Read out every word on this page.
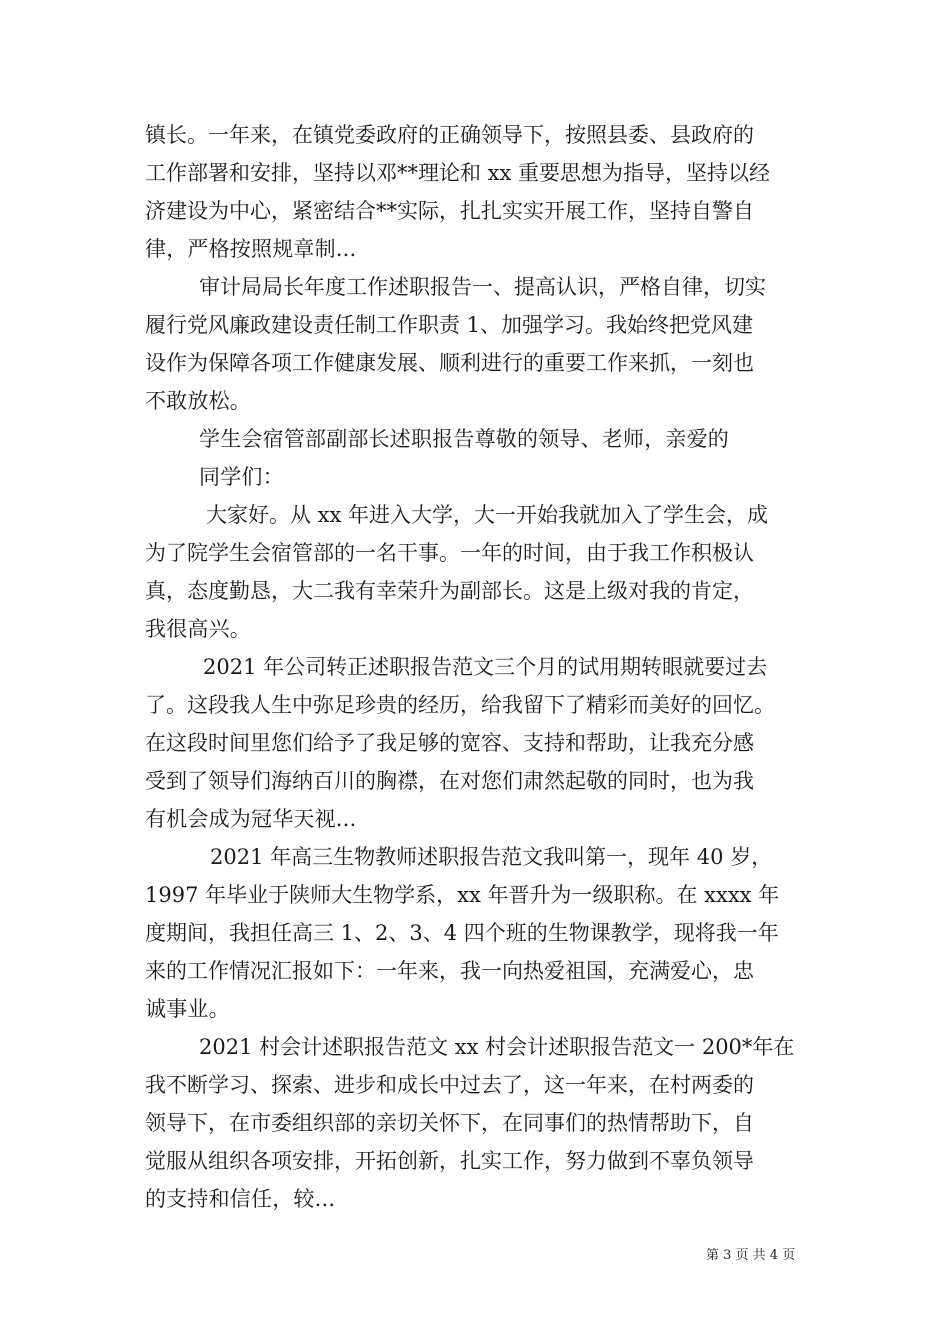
镇长。一年来，在镇党委政府的正确领导下，按照县委、县政府的
工作部署和安排，坚持以邓**理论和 xx 重要思想为指导，坚持以经
济建设为中心，紧密结合**实际，扎扎实实开展工作，坚持自警自
律，严格按照规章制...
审计局局长年度工作述职报告一、提高认识，严格自律，切实
履行党风廉政建设责任制工作职责 1、加强学习。我始终把党风建
设作为保障各项工作健康发展、顺利进行的重要工作来抓，一刻也
不敢放松。
学生会宿管部副部长述职报告尊敬的领导、老师，亲爱的
同学们：
大家好。从 xx 年进入大学，大一开始我就加入了学生会，成
为了院学生会宿管部的一名干事。一年的时间，由于我工作积极认
真，态度勤恳，大二我有幸荣升为副部长。这是上级对我的肯定，
我很高兴。
2021 年公司转正述职报告范文三个月的试用期转眼就要过去
了。这段我人生中弥足珍贵的经历，给我留下了精彩而美好的回忆。
在这段时间里您们给予了我足够的宽容、支持和帮助，让我充分感
受到了领导们海纳百川的胸襟，在对您们肃然起敬的同时，也为我
有机会成为冠华天视...
2021 年高三生物教师述职报告范文我叫第一，现年 40 岁，
1997 年毕业于陕师大生物学系，xx 年晋升为一级职称。在 xxxx 年
度期间，我担任高三 1、2、3、4 四个班的生物课教学，现将我一年
来的工作情况汇报如下：一年来，我一向热爱祖国，充满爱心，忠
诚事业。
2021 村会计述职报告范文 xx 村会计述职报告范文一 200*年在
我不断学习、探索、进步和成长中过去了，这一年来，在村两委的
领导下，在市委组织部的亲切关怀下，在同事们的热情帮助下，自
觉服从组织各项安排，开拓创新，扎实工作，努力做到不辜负领导
的支持和信任，较...
第 3 页 共 4 页
